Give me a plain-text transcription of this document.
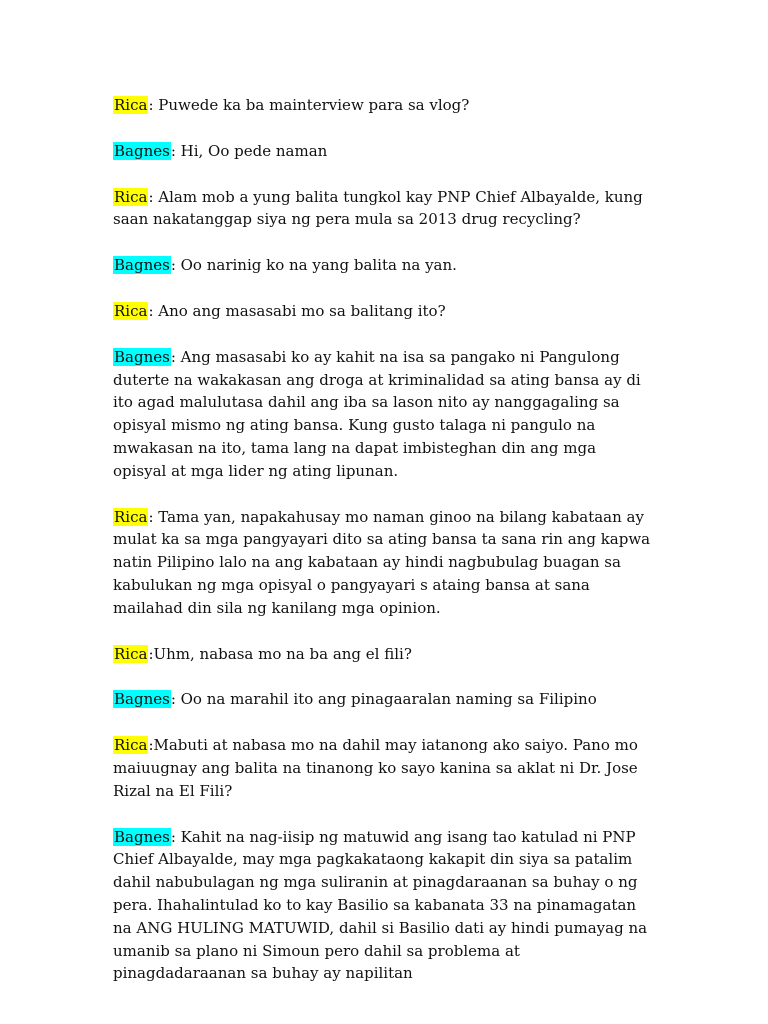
Rica: Puwede ka ba mainterview para sa vlog?

Bagnes: Hi, Oo pede naman

Rica: Alam mob a yung balita tungkol kay PNP Chief Albayalde, kung saan nakatanggap siya ng pera mula sa 2013 drug recycling?

Bagnes: Oo narinig ko na yang balita na yan.

Rica: Ano ang masasabi mo sa balitang ito?

Bagnes: Ang masasabi ko ay kahit na isa sa pangako ni Pangulong duterte na wakakasan ang droga at kriminalidad sa ating bansa ay di ito agad malulutasa dahil ang iba sa lason nito ay nanggagaling sa opisyal mismo ng ating bansa. Kung gusto talaga ni pangulo na mwakasan na ito, tama lang na dapat imbisteghan din ang mga opisyal at mga lider ng ating lipunan.

Rica: Tama yan, napakahusay mo naman ginoo na bilang kabataan ay mulat ka sa mga pangyayari dito sa ating bansa ta sana rin ang kapwa natin Pilipino lalo na ang kabataan ay hindi nagbubulag buagan sa kabulukan ng mga opisyal o pangyayari s ataing bansa at sana mailahad din sila ng kanilang mga opinion.

Rica:Uhm, nabasa mo na ba ang el fili?

Bagnes: Oo na marahil ito ang pinagaaralan naming sa Filipino

Rica:Mabuti at nabasa mo na dahil may iatanong ako saiyo. Pano mo maiuugnay ang balita na tinanong ko sayo kanina sa aklat ni Dr. Jose Rizal na El Fili?

Bagnes: Kahit na nag-iisip ng matuwid ang isang tao katulad ni PNP Chief Albayalde, may mga pagkakataong kakapit din siya sa patalim dahil nabubulagan ng mga suliranin at pinagdaraanan sa buhay o ng pera. Ihahalintulad ko to kay Basilio sa kabanata 33 na pinamagatan na ANG HULING MATUWID, dahil si Basilio dati ay hindi pumayag na umanib sa plano ni Simoun pero dahil sa problema at pinagdadaraanan sa buhay ay napilitan
